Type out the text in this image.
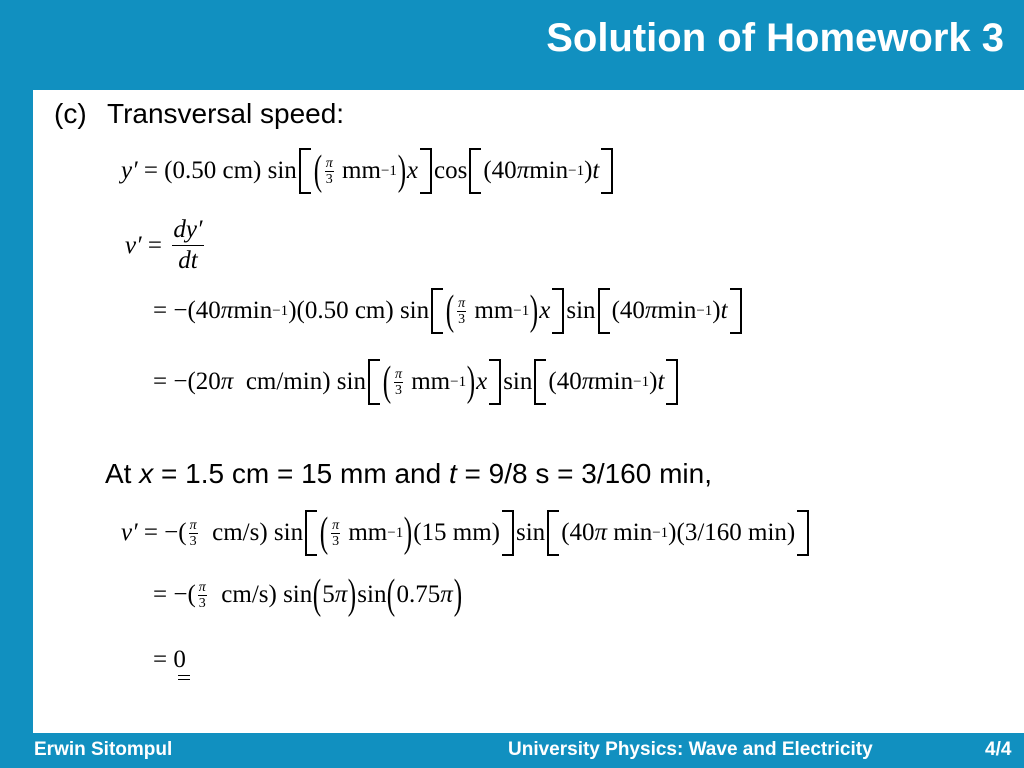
Solution of Homework 3
(c) Transversal speed:
y′ = (0.50 cm) sin ( $\frac{\pi}{3}$ mm −1 ) x cos (40 π min −1 ) t
v′ =
dy′
dt
= −(40 π min −1 )(0.50 cm) sin ( $\frac{\pi}{3}$ mm −1 ) x sin (40 π min −1 ) t
= −(20 π cm/min) sin ( $\frac{\pi}{3}$ mm −1 ) x sin (40 π min −1 ) t
At x = 1.5 cm = 15 mm and t = 9/8 s = 3/160 min,
v′ = −( $\frac{\pi}{3} cm/s$) sin ( $\frac{\pi}{3}$ mm −1 ) (15 mm) sin (40 π min −1 )(3/160 min)
= −( $\frac{\pi}{3} cm/s$) sin ( 5 π ) sin ( 0.75 π )
= 0
Erwin Sitompul	University Physics: Wave and Electricity	4/4
